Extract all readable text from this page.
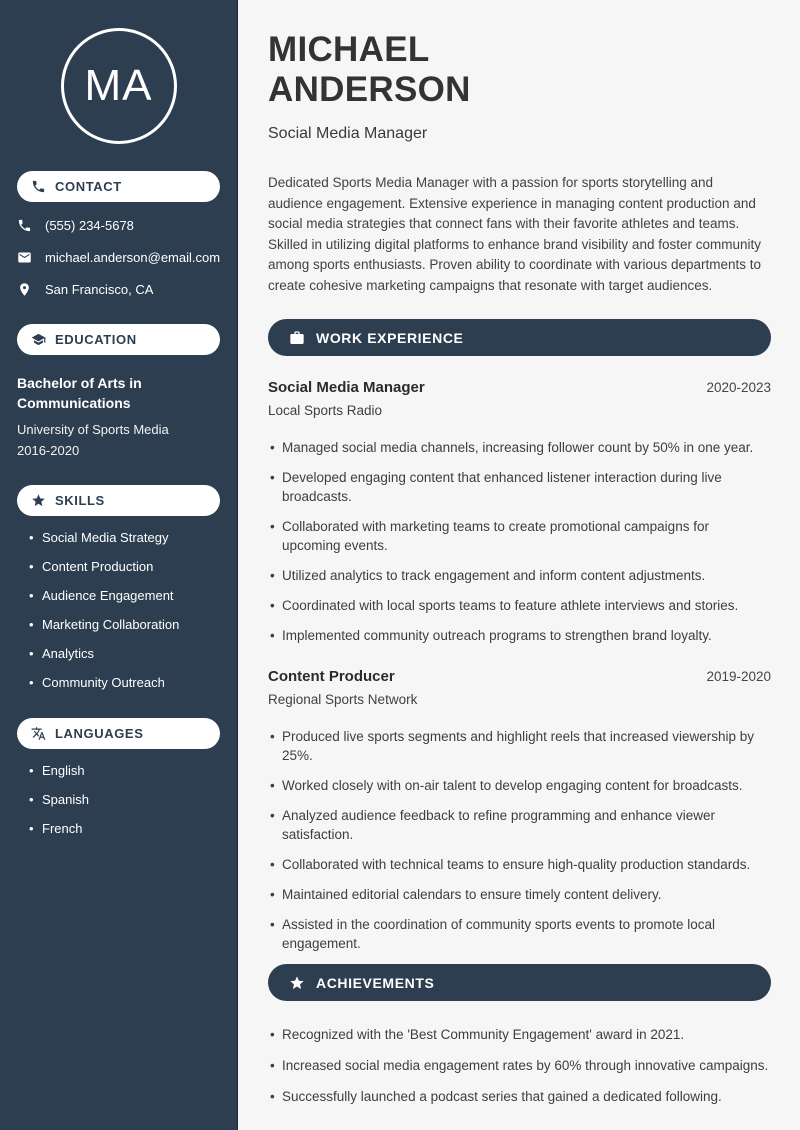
MA
CONTACT
(555) 234-5678
michael.anderson@email.com
San Francisco, CA
EDUCATION
Bachelor of Arts in Communications
University of Sports Media
2016-2020
SKILLS
• Social Media Strategy
• Content Production
• Audience Engagement
• Marketing Collaboration
• Analytics
• Community Outreach
LANGUAGES
• English
• Spanish
• French
MICHAEL
ANDERSON
Social Media Manager

Dedicated Sports Media Manager with a passion for sports storytelling and audience engagement. Extensive experience in managing content production and social media strategies that connect fans with their favorite athletes and teams. Skilled in utilizing digital platforms to enhance brand visibility and foster community among sports enthusiasts. Proven ability to coordinate with various departments to create cohesive marketing campaigns that resonate with target audiences.

WORK EXPERIENCE
Social Media Manager	2020-2023
Local Sports Radio
• Managed social media channels, increasing follower count by 50% in one year.
• Developed engaging content that enhanced listener interaction during live broadcasts.
• Collaborated with marketing teams to create promotional campaigns for upcoming events.
• Utilized analytics to track engagement and inform content adjustments.
• Coordinated with local sports teams to feature athlete interviews and stories.
• Implemented community outreach programs to strengthen brand loyalty.
Content Producer	2019-2020
Regional Sports Network
• Produced live sports segments and highlight reels that increased viewership by 25%.
• Worked closely with on-air talent to develop engaging content for broadcasts.
• Analyzed audience feedback to refine programming and enhance viewer satisfaction.
• Collaborated with technical teams to ensure high-quality production standards.
• Maintained editorial calendars to ensure timely content delivery.
• Assisted in the coordination of community sports events to promote local engagement.
ACHIEVEMENTS
• Recognized with the 'Best Community Engagement' award in 2021.
• Increased social media engagement rates by 60% through innovative campaigns.
• Successfully launched a podcast series that gained a dedicated following.
